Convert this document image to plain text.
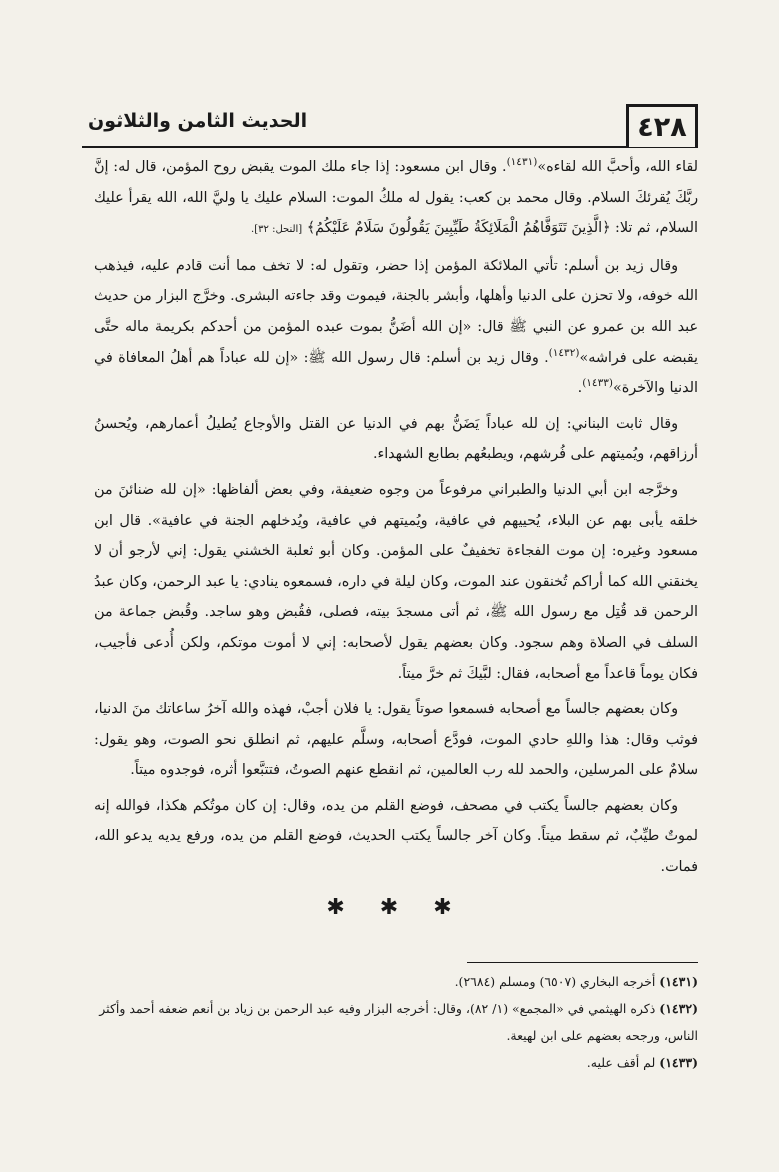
٤٢٨
الحديث الثامن والثلاثون

لقاء الله، وأحبَّ الله لقاءه»$^{(١٤٣١)}$. وقال ابن مسعود: إذا جاء ملك الموت يقبض روح المؤمن، قال له: إنَّ ربَّكَ يُقرئكَ السلام. وقال محمد بن كعب: يقول له ملكُ الموت: السلام عليك يا وليَّ الله، الله يقرأ عليك السلام، ثم تلا: ﴿الَّذِينَ تَتَوَفَّاهُمُ الْمَلَائِكَةُ طَيِّبِينَ يَقُولُونَ سَلَامٌ عَلَيْكُمُ﴾ [النحل: ٣٢].

وقال زيد بن أسلم: تأتي الملائكة المؤمن إذا حضر، وتقول له: لا تخف مما أنت قادم عليه، فيذهب الله خوفه، ولا تحزن على الدنيا وأهلها، وأبشر بالجنة، فيموت وقد جاءته البشرى. وخرَّج البزار من حديث عبد الله بن عمرو عن النبي ﷺ قال: «إن الله أضَنُّ بموت عبده المؤمن من أحدكم بكريمة ماله حتَّى يقبضه على فراشه»$^{(١٤٣٢)}$. وقال زيد بن أسلم: قال رسول الله ﷺ: «إن لله عباداً هم أهلُ المعافاة في الدنيا والآخرة»$^{(١٤٣٣)}$.

وقال ثابت البناني: إن لله عباداً يَضَنُّ بهم في الدنيا عن القتل والأوجاع يُطيلُ أعمارهم، ويُحسنُ أرزاقهم، ويُميتهم على فُرشهم، ويطبعُهم بطابع الشهداء.

وخرَّجه ابن أبي الدنيا والطبراني مرفوعاً من وجوه ضعيفة، وفي بعض ألفاظها: «إن لله ضنائنَ من خلقه يأبى بهم عن البلاء، يُحييهم في عافية، ويُميتهم في عافية، ويُدخلهم الجنة في عافية». قال ابن مسعود وغيره: إن موت الفجاءة تخفيفٌ على المؤمن. وكان أبو ثعلبة الخشني يقول: إني لأرجو أن لا يخنقني الله كما أراكم تُخنقون عند الموت، وكان ليلة في داره، فسمعوه ينادي: يا عبد الرحمن، وكان عبدُ الرحمن قد قُتِل مع رسول الله ﷺ، ثم أتى مسجدَ بيته، فصلى، فقُبض وهو ساجد. وقُبض جماعة من السلف في الصلاة وهم سجود. وكان بعضهم يقول لأصحابه: إني لا أموت موتكم، ولكن أُدعى فأجيب، فكان يوماً قاعداً مع أصحابه، فقال: لبَّيكَ ثم خرَّ ميتاً.

وكان بعضهم جالساً مع أصحابه فسمعوا صوتاً يقول: يا فلان أجبْ، فهذه والله آخرُ ساعاتك منَ الدنيا، فوثب وقال: هذا واللهِ حادي الموت، فودَّع أصحابه، وسلَّم عليهم، ثم انطلق نحو الصوت، وهو يقول: سلامٌ على المرسلين، والحمد لله رب العالمين، ثم انقطع عنهم الصوتُ، فتتبَّعوا أثره، فوجدوه ميتاً.

وكان بعضهم جالساً يكتب في مصحف، فوضع القلم من يده، وقال: إن كان موتُكم هكذا، فوالله إنه لموتٌ طيِّبٌ، ثم سقط ميتاً. وكان آخر جالساً يكتب الحديث، فوضع القلم من يده، ورفع يديه يدعو الله، فمات.

✱ ✱ ✱

(١٤٣١) أخرجه البخاري (٦٥٠٧) ومسلم (٢٦٨٤).

(١٤٣٢) ذكره الهيثمي في «المجمع» (١/ ٨٢)، وقال: أخرجه البزار وفيه عبد الرحمن بن زياد بن أنعم ضعفه أحمد وأكثر الناس، ورجحه بعضهم على ابن لهيعة.

(١٤٣٣) لم أقف عليه.
